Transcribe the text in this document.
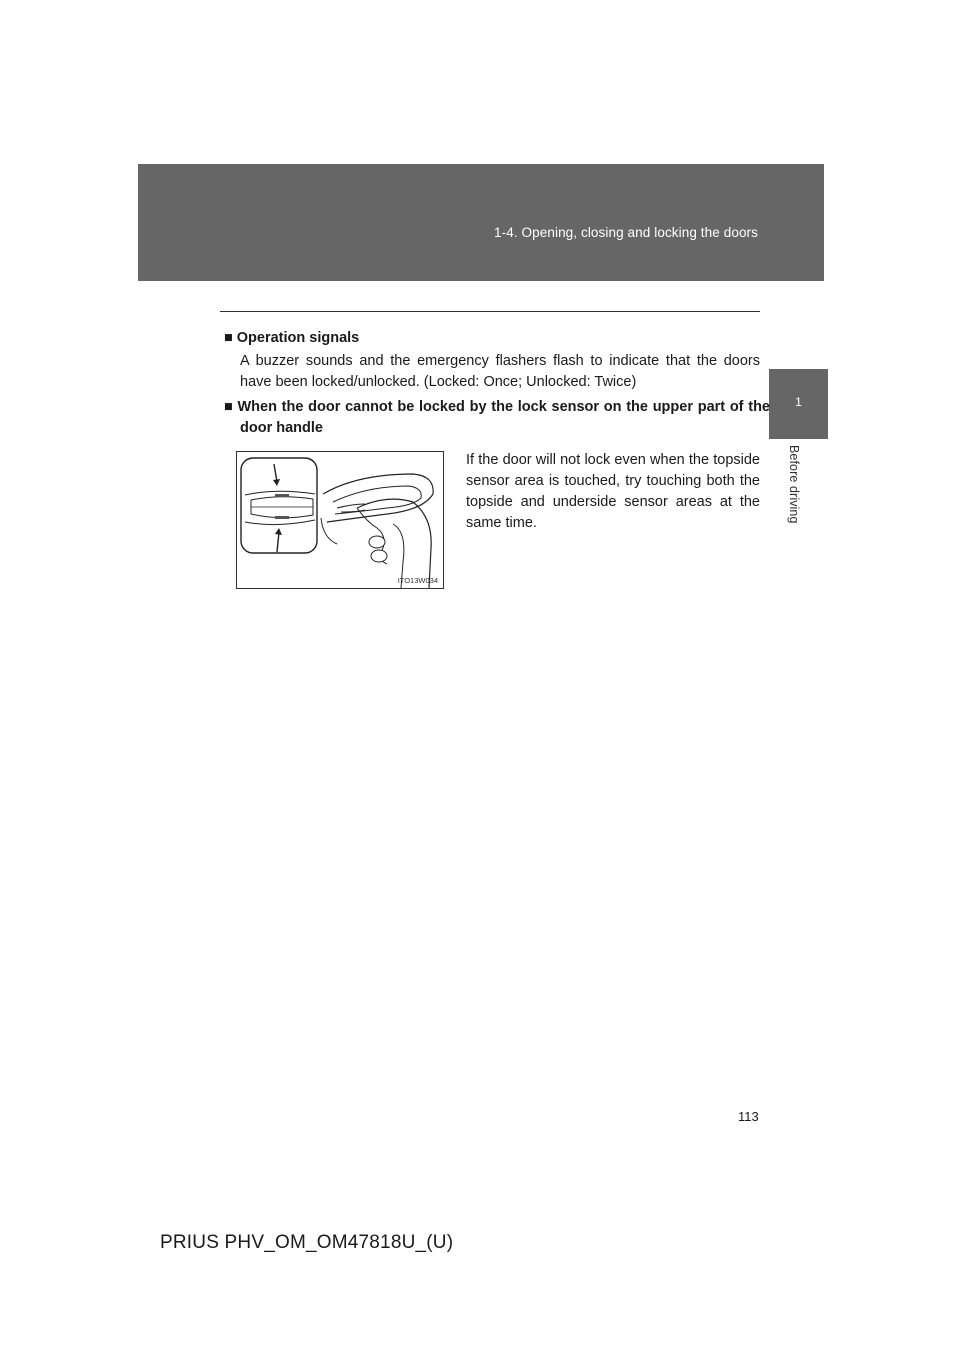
1-4. Opening, closing and locking the doors
1
Before driving
■ Operation signals
A buzzer sounds and the emergency flashers flash to indicate that the doors have been locked/unlocked. (Locked: Once; Unlocked: Twice)
■ When the door cannot be locked by the lock sensor on the upper part of the door handle
ITO13W034
If the door will not lock even when the topside sensor area is touched, try touching both the topside and underside sensor areas at the same time.
113
PRIUS PHV_OM_OM47818U_(U)
